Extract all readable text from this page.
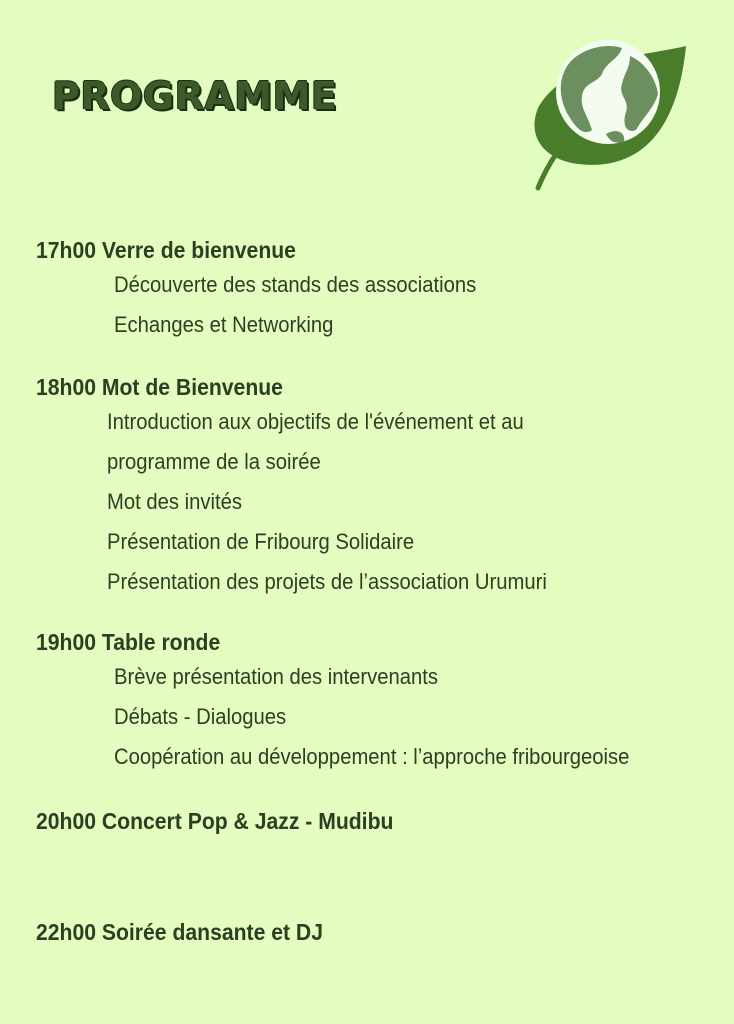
PROGRAMME
17h00 Verre de bienvenue
Découverte des stands des associations
Echanges et Networking
18h00 Mot de Bienvenue
Introduction aux objectifs de l'événement et au
programme de la soirée
Mot des invités
Présentation de Fribourg Solidaire
Présentation des projets de l’association Urumuri
19h00 Table ronde
Brève présentation des intervenants
Débats - Dialogues
Coopération au développement : l’approche fribourgeoise
20h00 Concert Pop & Jazz - Mudibu
22h00 Soirée dansante et DJ
